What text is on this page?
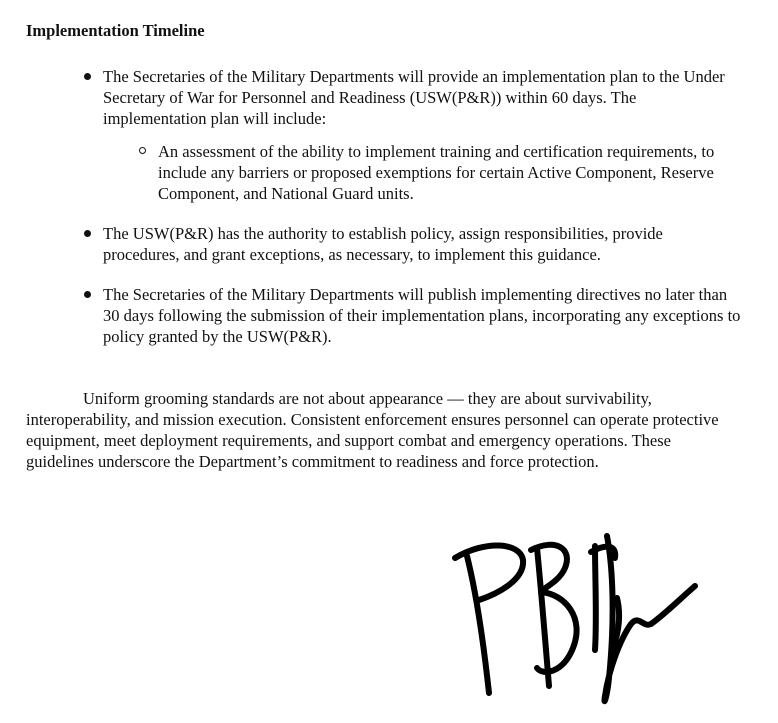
Implementation Timeline
The Secretaries of the Military Departments will provide an implementation plan to the Under Secretary of War for Personnel and Readiness (USW(P&R)) within 60 days. The implementation plan will include:
An assessment of the ability to implement training and certification requirements, to include any barriers or proposed exemptions for certain Active Component, Reserve Component, and National Guard units.
The USW(P&R) has the authority to establish policy, assign responsibilities, provide procedures, and grant exceptions, as necessary, to implement this guidance.
The Secretaries of the Military Departments will publish implementing directives no later than 30 days following the submission of their implementation plans, incorporating any exceptions to policy granted by the USW(P&R).

Uniform grooming standards are not about appearance — they are about survivability, interoperability, and mission execution. Consistent enforcement ensures personnel can operate protective equipment, meet deployment requirements, and support combat and emergency operations. These guidelines underscore the Department’s commitment to readiness and force protection.
